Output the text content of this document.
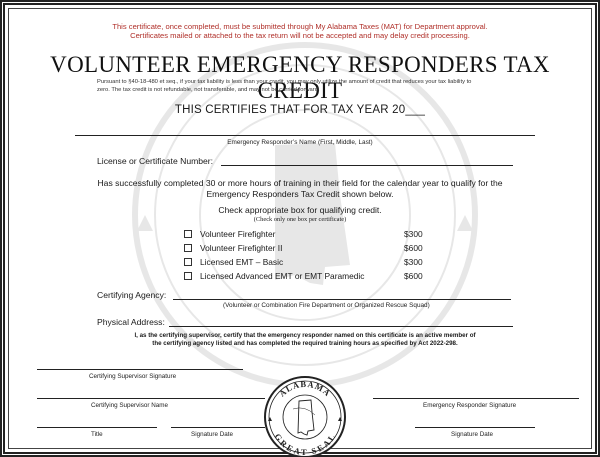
This certificate, once completed, must be submitted through My Alabama Taxes (MAT) for Department approval.
Certificates mailed or attached to the tax return will not be accepted and may delay credit processing.
VOLUNTEER EMERGENCY RESPONDERS TAX CREDIT
Pursuant to §40-18-480 et seq., if your tax liability is less than your credit, you may only utilize the amount of credit that reduces your tax liability to
zero. The tax credit is not refundable, not transferable, and may not be carried forward.
THIS CERTIFIES THAT FOR TAX YEAR 20___
Emergency Responder’s Name (First, Middle, Last)
License or Certificate Number:
Has successfully completed 30 or more hours of training in their field for the calendar year to qualify for the
Emergency Responders Tax Credit shown below.
Check appropriate box for qualifying credit.
(Check only one box per certificate)
Volunteer Firefighter	$300
Volunteer Firefighter II	$600
Licensed EMT – Basic	$300
Licensed Advanced EMT or EMT Paramedic	$600
Certifying Agency:
(Volunteer or Combination Fire Department or Organized Rescue Squad)
Physical Address:
I, as the certifying supervisor, certify that the emergency responder named on this certificate is an active member of
the certifying agency listed and has completed the required training hours as specified by Act 2022-298.
Certifying Supervisor Signature
Certifying Supervisor Name
Title	Signature Date
Emergency Responder Signature
Signature Date
ALABAMA
GREAT SEAL
